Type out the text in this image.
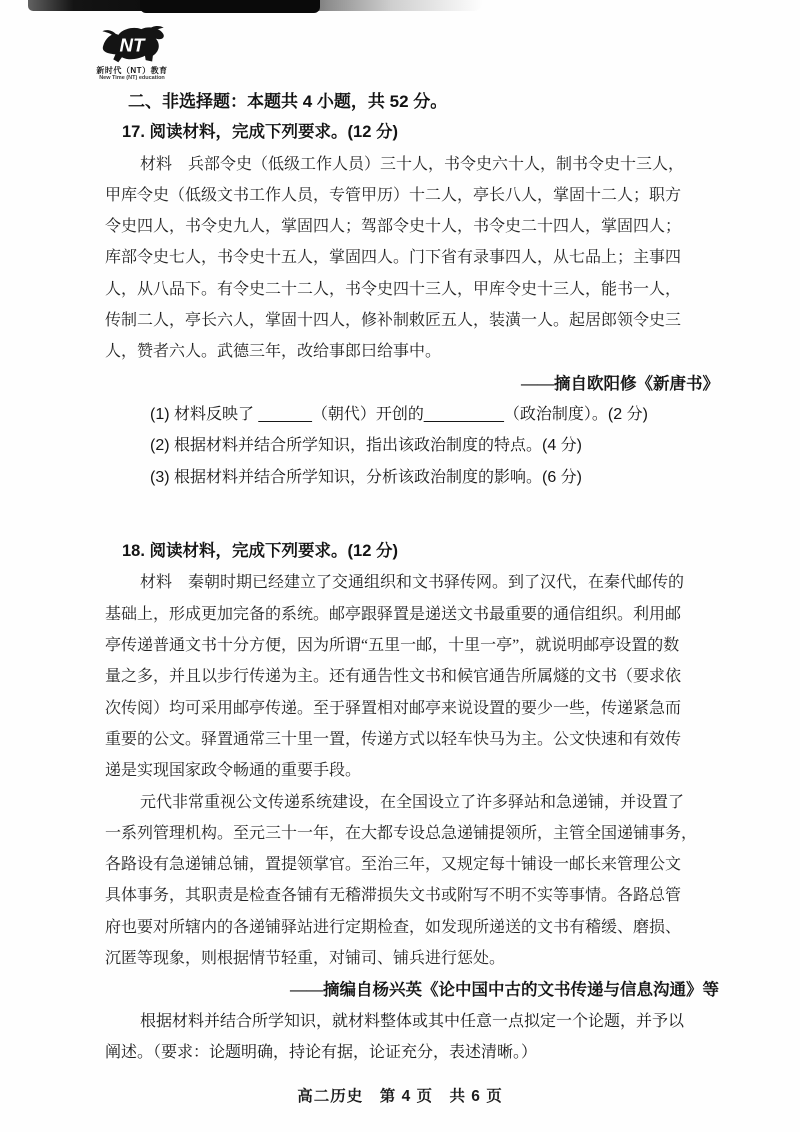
NT
新时代（NT）教育
New Time (NT) education
二、非选择题：本题共 4 小题，共 52 分。
17. 阅读材料，完成下列要求。(12 分)
材料　兵部令史（低级工作人员）三十人，书令史六十人，制书令史十三人，
甲库令史（低级文书工作人员，专管甲历）十二人，亭长八人，掌固十二人；职方
令史四人，书令史九人，掌固四人；驾部令史十人，书令史二十四人，掌固四人；
库部令史七人，书令史十五人，掌固四人。门下省有录事四人，从七品上；主事四
人，从八品下。有令史二十二人，书令史四十三人，甲库令史十三人，能书一人，
传制二人，亭长六人，掌固十四人，修补制敕匠五人，装潢一人。起居郎领令史三
人，赞者六人。武德三年，改给事郎曰给事中。
——摘自欧阳修《新唐书》
(1) 材料反映了 ______（朝代）开创的_________（政治制度）。(2 分)
(2) 根据材料并结合所学知识，指出该政治制度的特点。(4 分)
(3) 根据材料并结合所学知识，分析该政治制度的影响。(6 分)
18. 阅读材料，完成下列要求。(12 分)
材料　秦朝时期已经建立了交通组织和文书驿传网。到了汉代，在秦代邮传的
基础上，形成更加完备的系统。邮亭跟驿置是递送文书最重要的通信组织。利用邮
亭传递普通文书十分方便，因为所谓“五里一邮，十里一亭”，就说明邮亭设置的数
量之多，并且以步行传递为主。还有通告性文书和候官通告所属燧的文书（要求依
次传阅）均可采用邮亭传递。至于驿置相对邮亭来说设置的要少一些，传递紧急而
重要的公文。驿置通常三十里一置，传递方式以轻车快马为主。公文快速和有效传
递是实现国家政令畅通的重要手段。
元代非常重视公文传递系统建设，在全国设立了许多驿站和急递铺，并设置了
一系列管理机构。至元三十一年，在大都专设总急递铺提领所，主管全国递铺事务，
各路设有急递铺总铺，置提领掌官。至治三年，又规定每十铺设一邮长来管理公文
具体事务，其职责是检查各铺有无稽滞损失文书或附写不明不实等事情。各路总管
府也要对所辖内的各递铺驿站进行定期检查，如发现所递送的文书有稽缓、磨损、
沉匿等现象，则根据情节轻重，对铺司、铺兵进行惩处。
——摘编自杨兴英《论中国中古的文书传递与信息沟通》等
根据材料并结合所学知识，就材料整体或其中任意一点拟定一个论题，并予以
阐述。（要求：论题明确，持论有据，论证充分，表述清晰。）
高二历史　第 4 页　共 6 页
